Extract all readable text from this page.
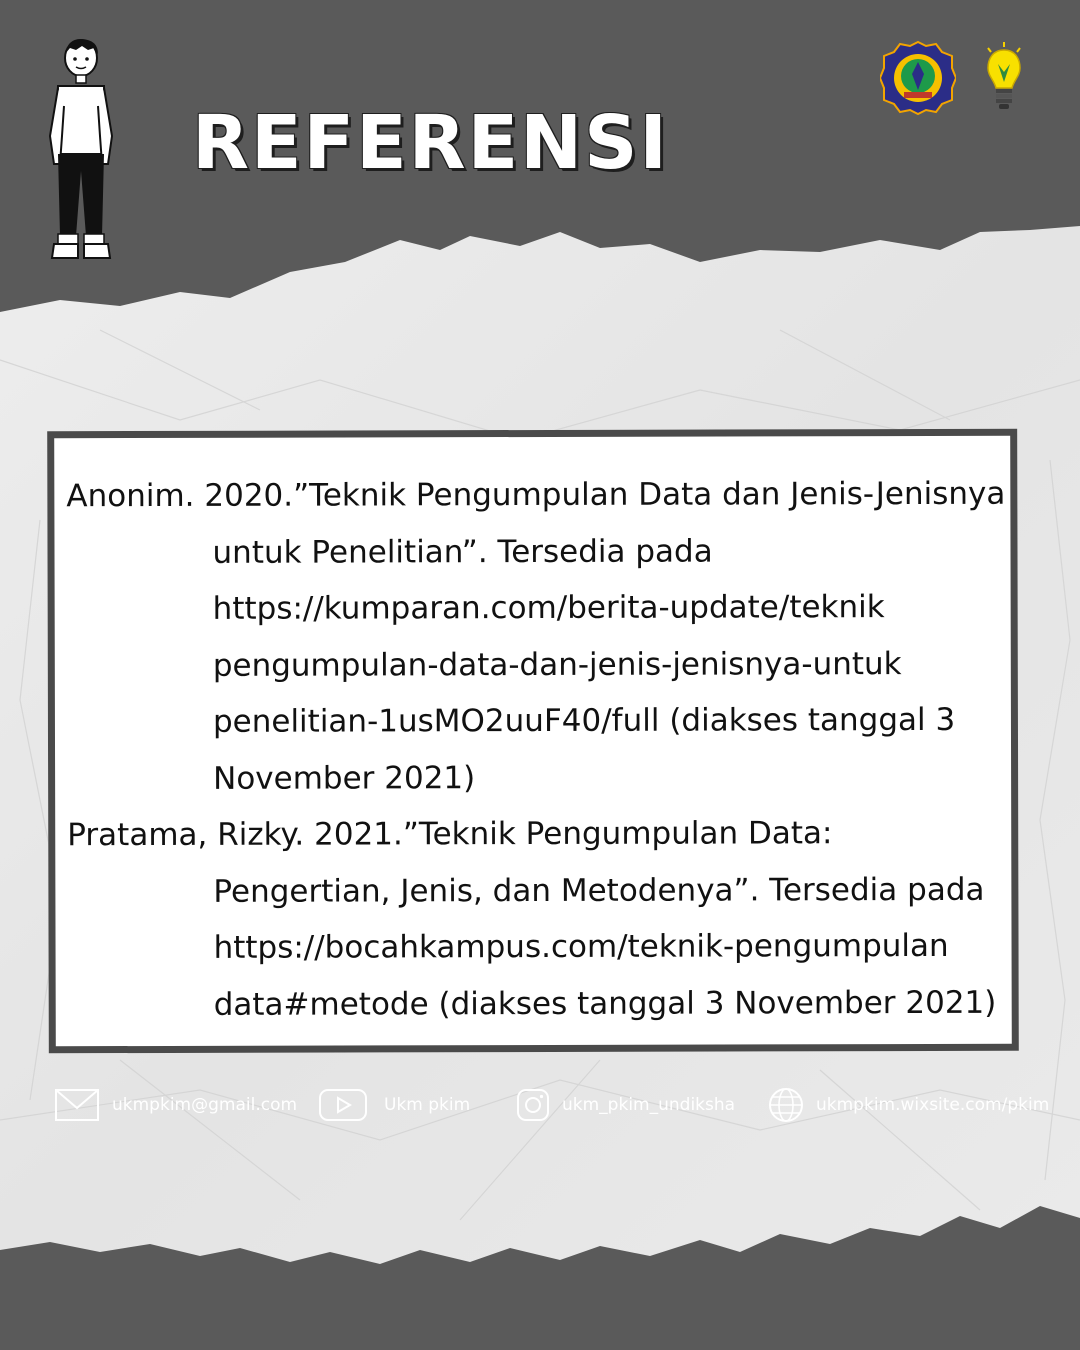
REFERENSI

Anonim. 2020.”Teknik Pengumpulan Data dan Jenis-Jenisnya untuk Penelitian”. Tersedia pada https://kumparan.com/berita-update/teknik pengumpulan-data-dan-jenis-jenisnya-untuk penelitian-1usMO2uuF40/full (diakses tanggal 3 November 2021)

Pratama, Rizky. 2021.”Teknik Pengumpulan Data: Pengertian, Jenis, dan Metodenya”. Tersedia pada https://bocahkampus.com/teknik-pengumpulan data#metode (diakses tanggal 3 November 2021)

ukmpkim@gmail.com	Ukm pkim	ukm_pkim_undiksha	ukmpkim.wixsite.com/pkim
